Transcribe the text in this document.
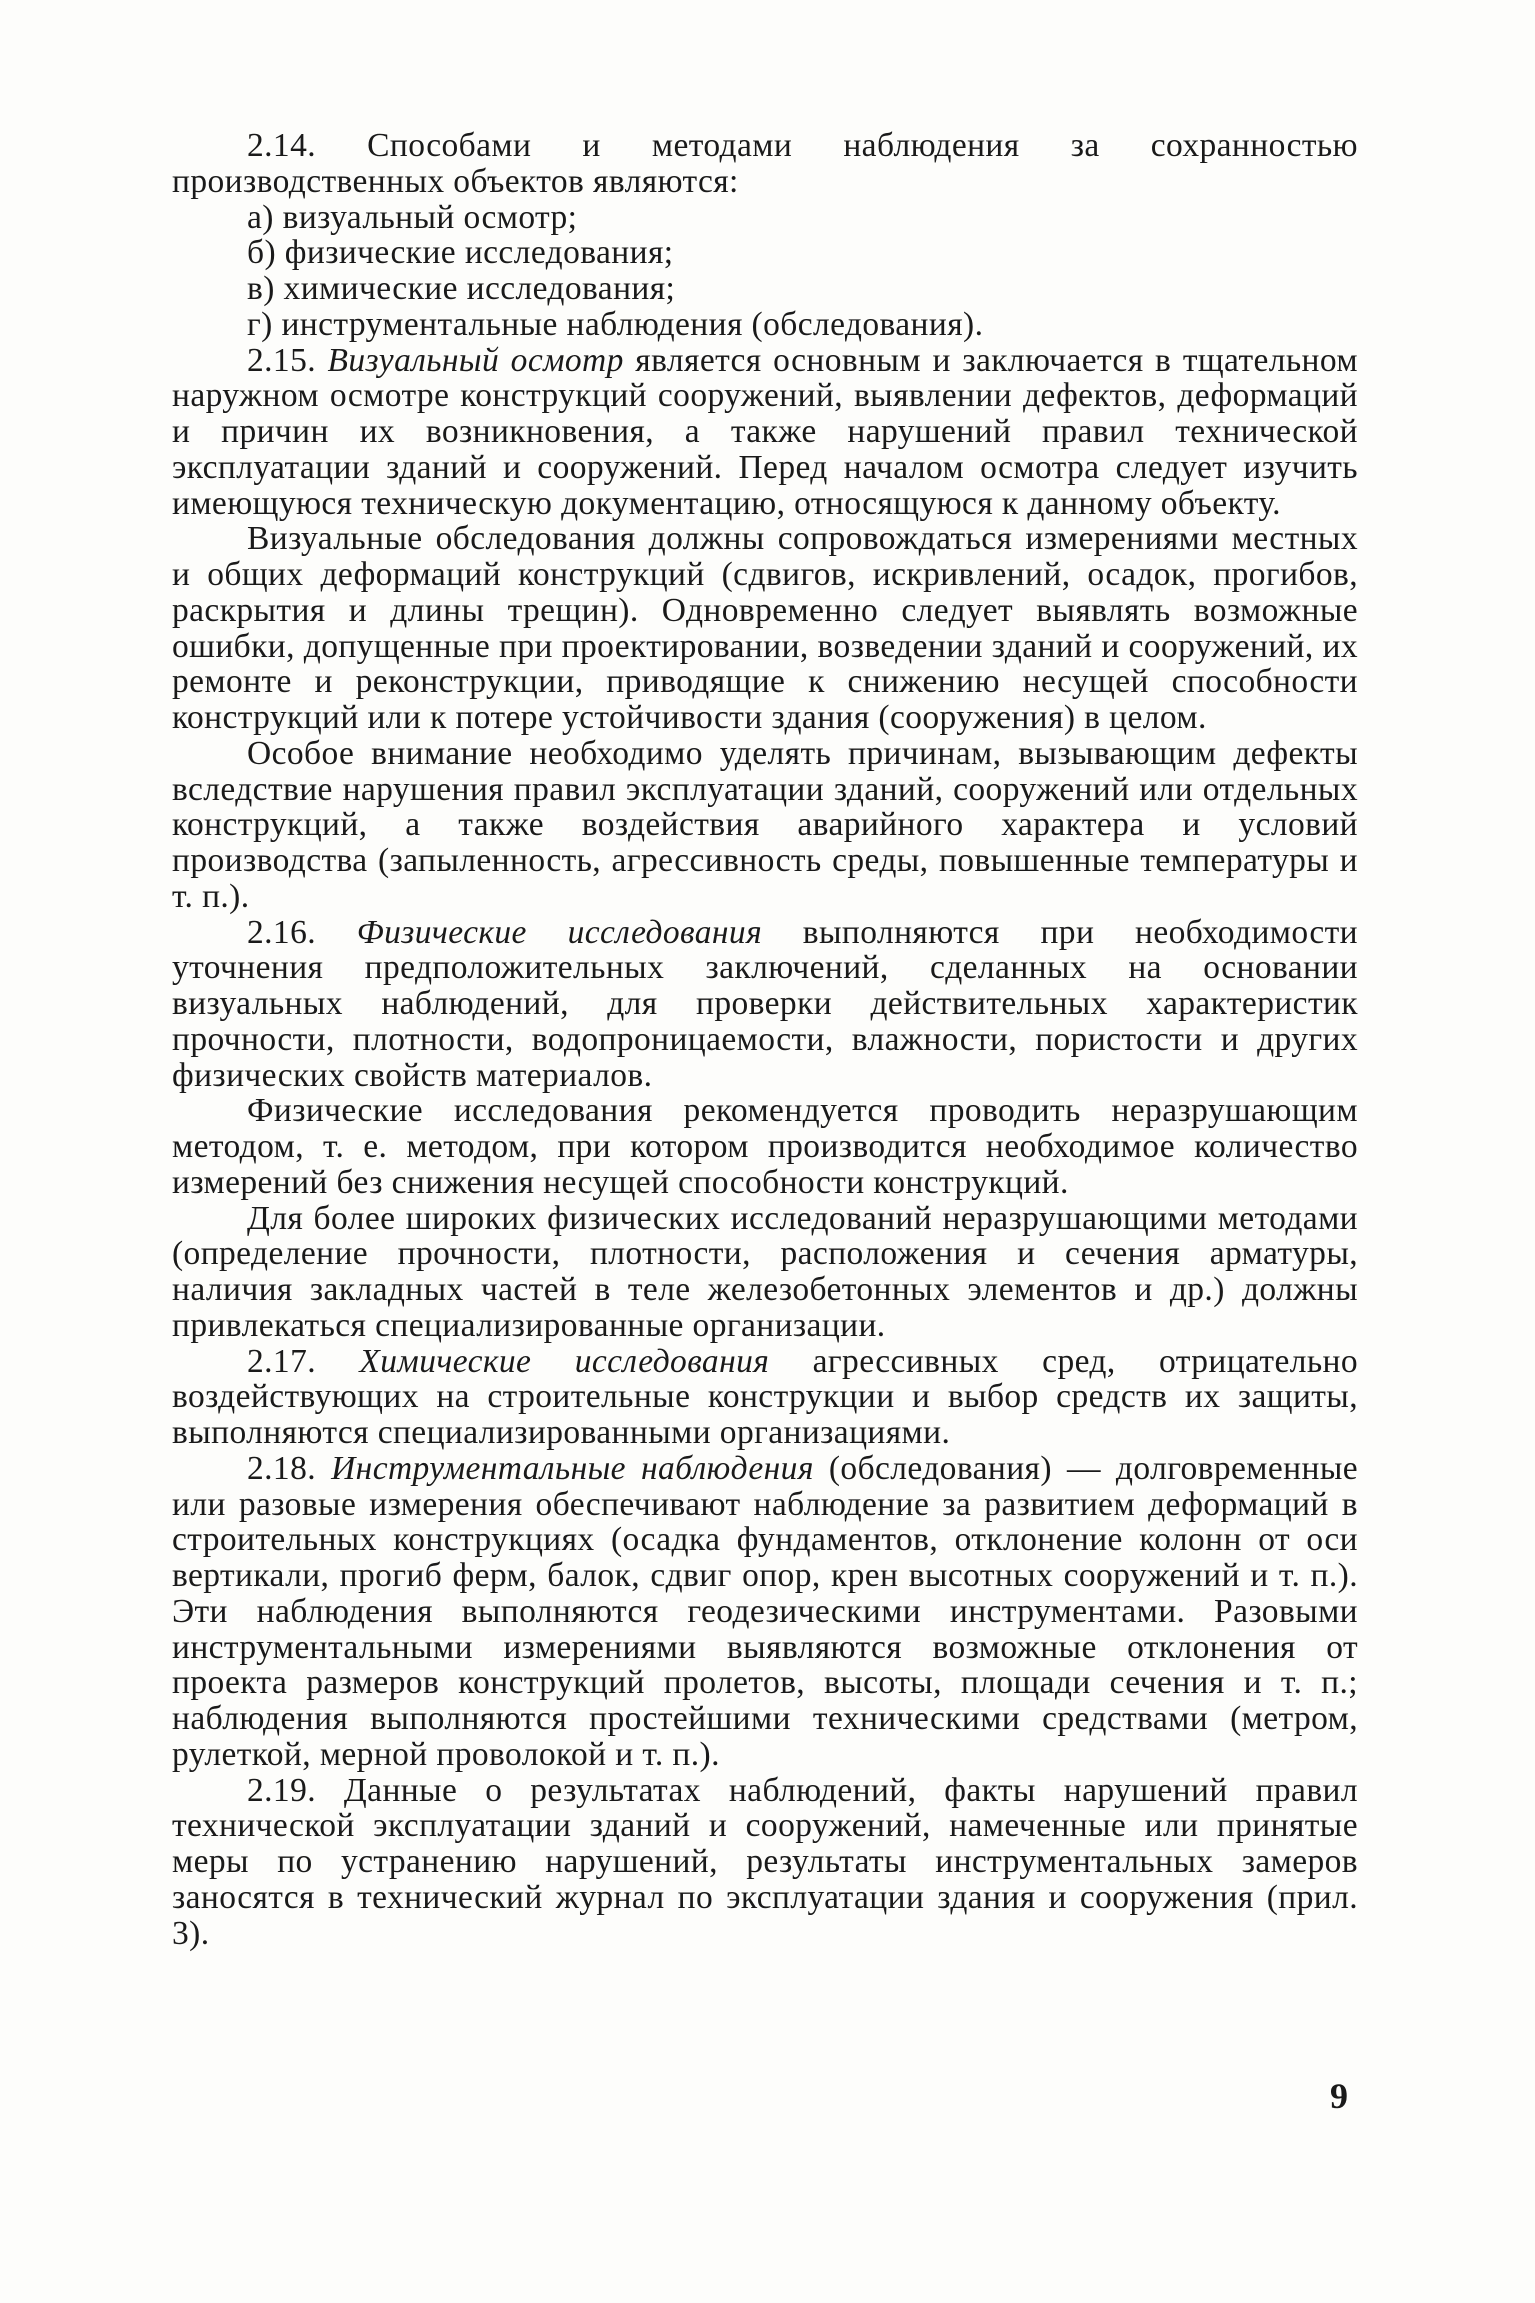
2.14. Способами и методами наблюдения за сохранностью производственных объектов являются:

а) визуальный осмотр;

б) физические исследования;

в) химические исследования;

г) инструментальные наблюдения (обследования).

2.15. Визуальный осмотр является основным и заключается в тщательном наружном осмотре конструкций сооружений, выявлении дефектов, деформаций и причин их возникновения, а также нарушений правил технической эксплуатации зданий и сооружений. Перед началом осмотра следует изучить имеющуюся техническую документацию, относящуюся к данному объекту.

Визуальные обследования должны сопровождаться измерениями местных и общих деформаций конструкций (сдвигов, искривлений, осадок, прогибов, раскрытия и длины трещин). Одновременно следует выявлять возможные ошибки, допущенные при проектировании, возведении зданий и сооружений, их ремонте и реконструкции, приводящие к снижению несущей способности конструкций или к потере устойчивости здания (сооружения) в целом.

Особое внимание необходимо уделять причинам, вызывающим дефекты вследствие нарушения правил эксплуатации зданий, сооружений или отдельных конструкций, а также воздействия аварийного характера и условий производства (запыленность, агрессивность среды, повышенные температуры и т. п.).

2.16. Физические исследования выполняются при необходимости уточнения предположительных заключений, сделанных на основании визуальных наблюдений, для проверки действительных характеристик прочности, плотности, водопроницаемости, влажности, пористости и других физических свойств материалов.

Физические исследования рекомендуется проводить неразрушающим методом, т. е. методом, при котором производится необходимое количество измерений без снижения несущей способности конструкций.

Для более широких физических исследований неразрушающими методами (определение прочности, плотности, расположения и сечения арматуры, наличия закладных частей в теле железобетонных элементов и др.) должны привлекаться специализированные организации.

2.17. Химические исследования агрессивных сред, отрицательно воздействующих на строительные конструкции и выбор средств их защиты, выполняются специализированными организациями.

2.18. Инструментальные наблюдения (обследования) — долговременные или разовые измерения обеспечивают наблюдение за развитием деформаций в строительных конструкциях (осадка фундаментов, отклонение колонн от оси вертикали, прогиб ферм, балок, сдвиг опор, крен высотных сооружений и т. п.). Эти наблюдения выполняются геодезическими инструментами. Разовыми инструментальными измерениями выявляются возможные отклонения от проекта размеров конструкций пролетов, высоты, площади сечения и т. п.; наблюдения выполняются простейшими техническими средствами (метром, рулеткой, мерной проволокой и т. п.).

2.19. Данные о результатах наблюдений, факты нарушений правил технической эксплуатации зданий и сооружений, намеченные или принятые меры по устранению нарушений, результаты инструментальных замеров заносятся в технический журнал по эксплуатации здания и сооружения (прил. 3).

9
